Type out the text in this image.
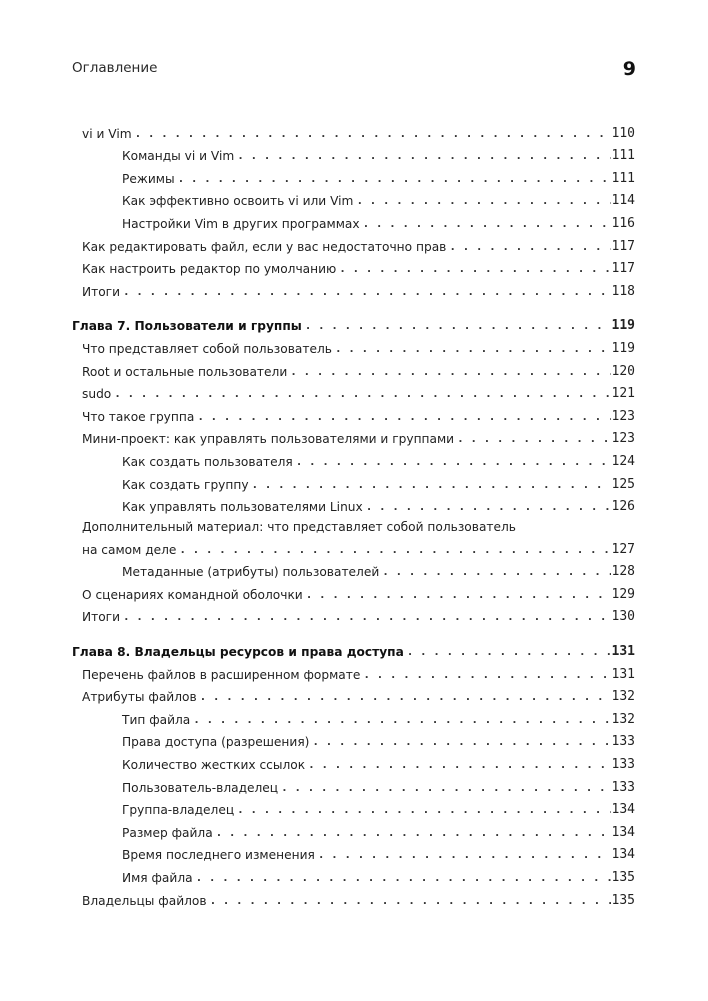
Оглавление	9
vi и Vim . . .	110
Команды vi и Vim . . .	111
Режимы . . .	111
Как эффективно освоить vi или Vim . . .	114
Настройки Vim в других программах . . .	116
Как редактировать файл, если у вас недостаточно прав . . .	117
Как настроить редактор по умолчанию . . .	117
Итоги . . .	118
Глава 7. Пользователи и группы . . .	119
Что представляет собой пользователь . . .	119
Root и остальные пользователи . . .	120
sudo . . .	121
Что такое группа . . .	123
Мини-проект: как управлять пользователями и группами . . .	123
Как создать пользователя . . .	124
Как создать группу . . .	125
Как управлять пользователями Linux . . .	126
Дополнительный материал: что представляет собой пользователь
на самом деле . . .	127
Метаданные (атрибуты) пользователей . . .	128
О сценариях командной оболочки . . .	129
Итоги . . .	130
Глава 8. Владельцы ресурсов и права доступа . . .	131
Перечень файлов в расширенном формате . . .	131
Атрибуты файлов . . .	132
Тип файла . . .	132
Права доступа (разрешения) . . .	133
Количество жестких ссылок . . .	133
Пользователь-владелец . . .	133
Группа-владелец . . .	134
Размер файла . . .	134
Время последнего изменения . . .	134
Имя файла . . .	135
Владельцы файлов . . .	135
